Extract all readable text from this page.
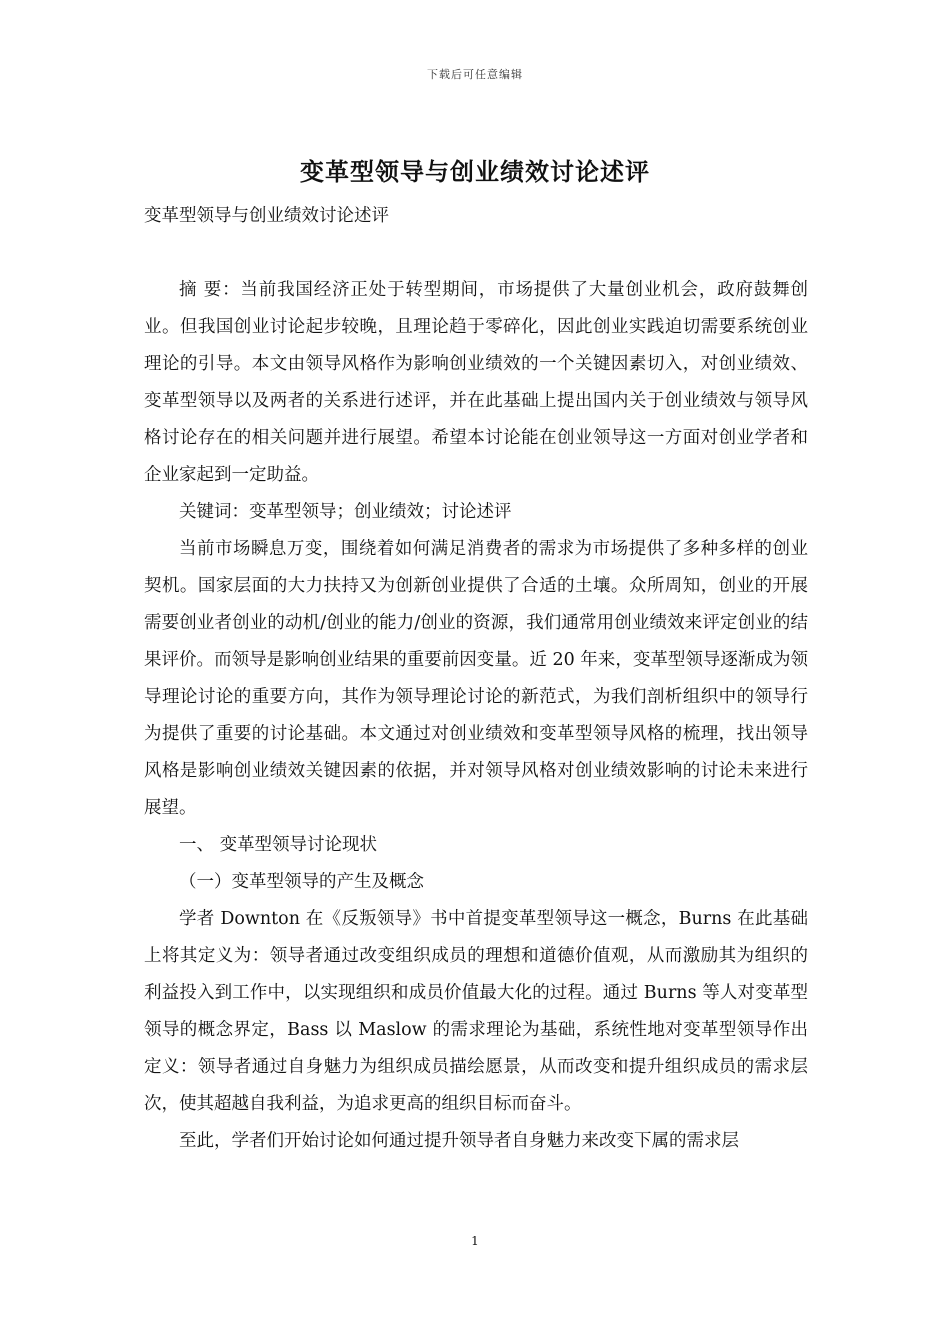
下载后可任意编辑
变革型领导与创业绩效讨论述评

变革型领导与创业绩效讨论述评

摘 要：当前我国经济正处于转型期间，市场提供了大量创业机会，政府鼓舞创业。但我国创业讨论起步较晚，且理论趋于零碎化，因此创业实践迫切需要系统创业理论的引导。本文由领导风格作为影响创业绩效的一个关键因素切入，对创业绩效、变革型领导以及两者的关系进行述评，并在此基础上提出国内关于创业绩效与领导风格讨论存在的相关问题并进行展望。希望本讨论能在创业领导这一方面对创业学者和企业家起到一定助益。

关键词：变革型领导；创业绩效；讨论述评

当前市场瞬息万变，围绕着如何满足消费者的需求为市场提供了多种多样的创业契机。国家层面的大力扶持又为创新创业提供了合适的土壤。众所周知，创业的开展需要创业者创业的动机/创业的能力/创业的资源，我们通常用创业绩效来评定创业的结果评价。而领导是影响创业结果的重要前因变量。近 20 年来，变革型领导逐渐成为领导理论讨论的重要方向，其作为领导理论讨论的新范式，为我们剖析组织中的领导行为提供了重要的讨论基础。本文通过对创业绩效和变革型领导风格的梳理，找出领导风格是影响创业绩效关键因素的依据，并对领导风格对创业绩效影响的讨论未来进行展望。

一、 变革型领导讨论现状

（一）变革型领导的产生及概念

学者 Downton 在《反叛领导》书中首提变革型领导这一概念，Burns 在此基础上将其定义为：领导者通过改变组织成员的理想和道德价值观，从而激励其为组织的利益投入到工作中，以实现组织和成员价值最大化的过程。通过 Burns 等人对变革型领导的概念界定，Bass 以 Maslow 的需求理论为基础，系统性地对变革型领导作出定义：领导者通过自身魅力为组织成员描绘愿景，从而改变和提升组织成员的需求层次，使其超越自我利益，为追求更高的组织目标而奋斗。

至此，学者们开始讨论如何通过提升领导者自身魅力来改变下属的需求层

1
